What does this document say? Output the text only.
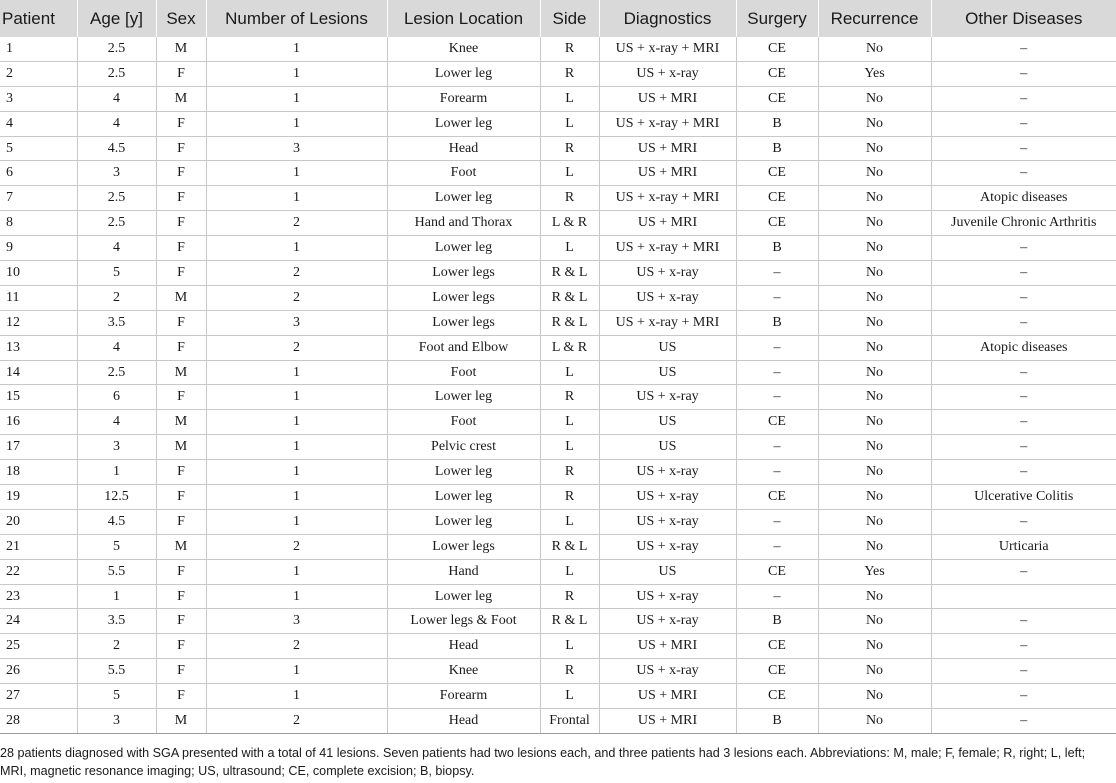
Patient	Age [y]	Sex	Number of Lesions	Lesion Location	Side	Diagnostics	Surgery	Recurrence	Other Diseases
1	2.5	M	1	Knee	R	US + x-ray + MRI	CE	No	–
2	2.5	F	1	Lower leg	R	US + x-ray	CE	Yes	–
3	4	M	1	Forearm	L	US + MRI	CE	No	–
4	4	F	1	Lower leg	L	US + x-ray + MRI	B	No	–
5	4.5	F	3	Head	R	US + MRI	B	No	–
6	3	F	1	Foot	L	US + MRI	CE	No	–
7	2.5	F	1	Lower leg	R	US + x-ray + MRI	CE	No	Atopic diseases
8	2.5	F	2	Hand and Thorax	L & R	US + MRI	CE	No	Juvenile Chronic Arthritis
9	4	F	1	Lower leg	L	US + x-ray + MRI	B	No	–
10	5	F	2	Lower legs	R & L	US + x-ray	–	No	–
11	2	M	2	Lower legs	R & L	US + x-ray	–	No	–
12	3.5	F	3	Lower legs	R & L	US + x-ray + MRI	B	No	–
13	4	F	2	Foot and Elbow	L & R	US	–	No	Atopic diseases
14	2.5	M	1	Foot	L	US	–	No	–
15	6	F	1	Lower leg	R	US + x-ray	–	No	–
16	4	M	1	Foot	L	US	CE	No	–
17	3	M	1	Pelvic crest	L	US	–	No	–
18	1	F	1	Lower leg	R	US + x-ray	–	No	–
19	12.5	F	1	Lower leg	R	US + x-ray	CE	No	Ulcerative Colitis
20	4.5	F	1	Lower leg	L	US + x-ray	–	No	–
21	5	M	2	Lower legs	R & L	US + x-ray	–	No	Urticaria
22	5.5	F	1	Hand	L	US	CE	Yes	–
23	1	F	1	Lower leg	R	US + x-ray	–	No	
24	3.5	F	3	Lower legs & Foot	R & L	US + x-ray	B	No	–
25	2	F	2	Head	L	US + MRI	CE	No	–
26	5.5	F	1	Knee	R	US + x-ray	CE	No	–
27	5	F	1	Forearm	L	US + MRI	CE	No	–
28	3	M	2	Head	Frontal	US + MRI	B	No	–
28 patients diagnosed with SGA presented with a total of 41 lesions. Seven patients had two lesions each, and three patients had 3 lesions each. Abbreviations: M, male; F, female; R, right; L, left; MRI, magnetic resonance imaging; US, ultrasound; CE, complete excision; B, biopsy.
